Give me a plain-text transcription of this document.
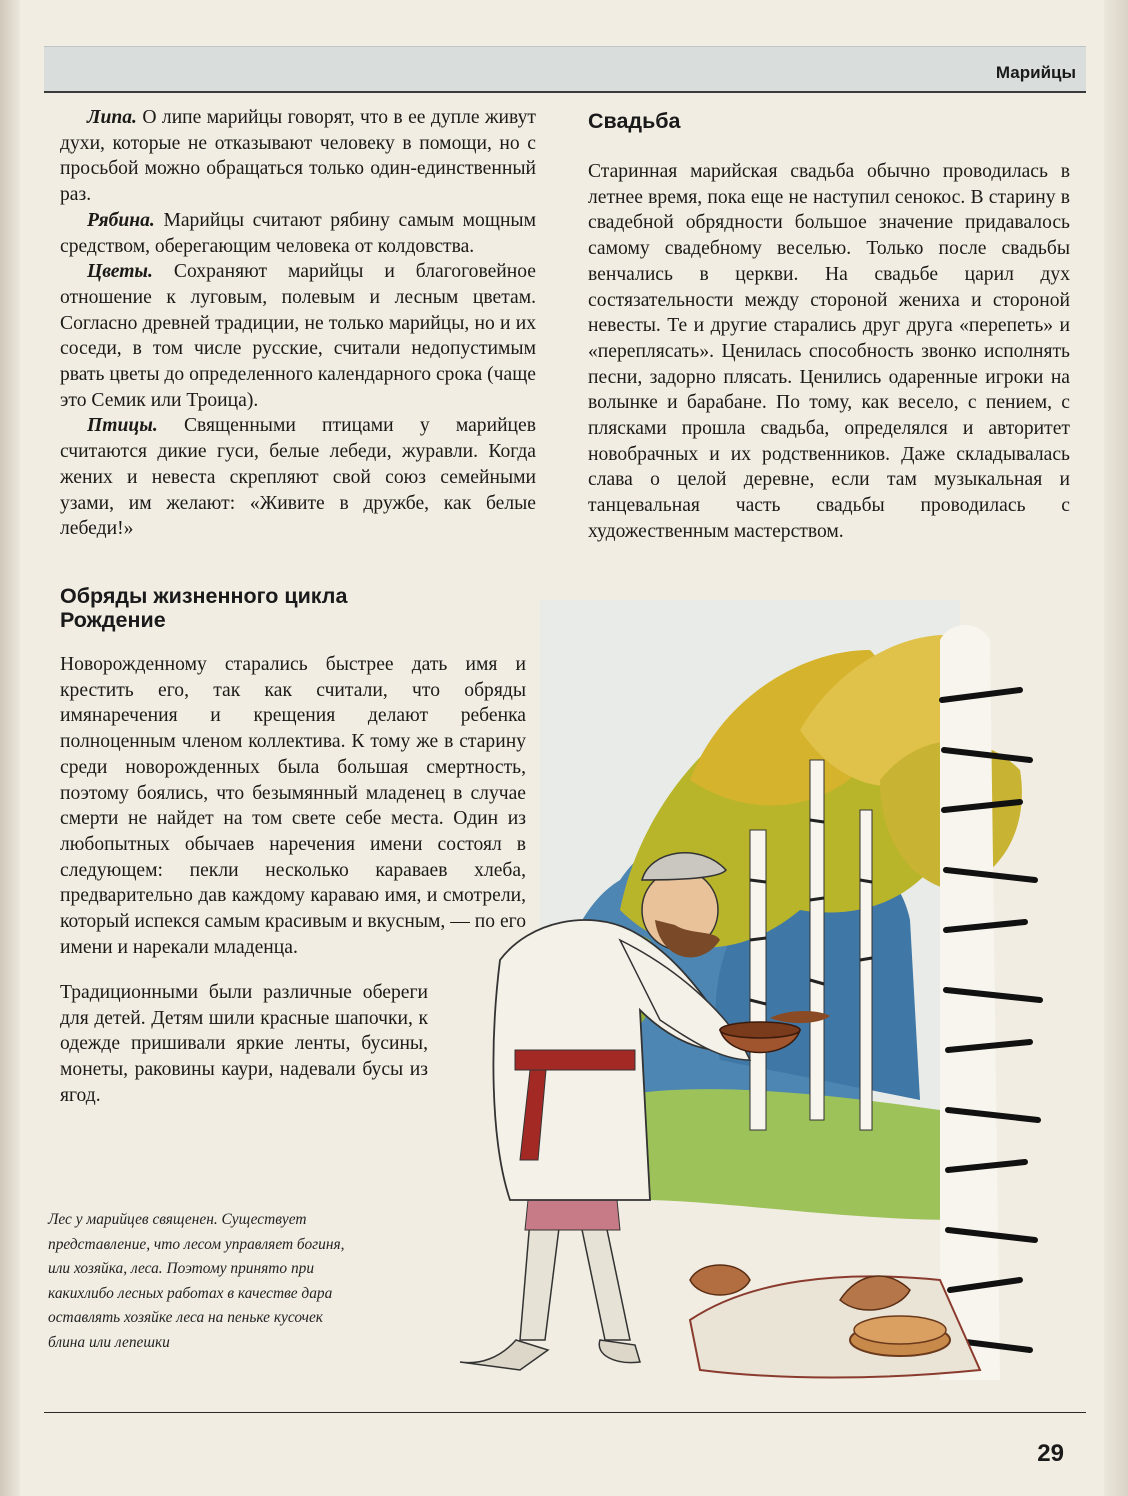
Марийцы

Липа. О липе марийцы говорят, что в ее дупле живут духи, которые не отказывают человеку в помощи, но с просьбой можно обращаться только один-единственный раз.

Рябина. Марийцы считают рябину самым мощным средством, оберегающим человека от колдовства.

Цветы. Сохраняют марийцы и благоговейное отношение к луговым, полевым и лесным цветам. Согласно древней традиции, не только марийцы, но и их соседи, в том числе русские, считали недопустимым рвать цветы до определенного календарного срока (чаще это Семик или Троица).

Птицы. Священными птицами у марийцев считаются дикие гуси, белые лебеди, журавли. Когда жених и невеста скрепляют свой союз семейными узами, им желают: «Живите в дружбе, как белые лебеди!»

Свадьба

Старинная марийская свадьба обычно проводилась в летнее время, пока еще не наступил сенокос. В старину в свадебной обрядности большое значение придавалось самому свадебному веселью. Только после свадьбы венчались в церкви. На свадьбе царил дух состязательности между стороной жениха и стороной невесты. Те и другие старались друг друга «перепеть» и «переплясать». Ценилась способность звонко исполнять песни, задорно плясать. Ценились одаренные игроки на волынке и барабане. По тому, как весело, с пением, с плясками прошла свадьба, определялся и авторитет новобрачных и их родственников. Даже складывалась слава о целой деревне, если там музыкальная и танцевальная часть свадьбы проводилась с художественным мастерством.

Обряды жизненного цикла
Рождение

Новорожденному старались быстрее дать имя и крестить его, так как считали, что обряды имянаречения и крещения делают ребенка полноценным членом коллектива. К тому же в старину среди новорожденных была большая смертность, поэтому боялись, что безымянный младенец в случае смерти не найдет на том свете себе места. Один из любопытных обычаев наречения имени состоял в следующем: пекли несколько караваев хлеба, предварительно дав каждому караваю имя, и смотрели, который испекся самым красивым и вкусным, — по его имени и нарекали младенца.

Традиционными были различные обереги для детей. Детям шили красные шапочки, к одежде пришивали яркие ленты, бусины, монеты, раковины каури, надевали бусы из ягод.

Лес у марийцев священен. Существует представление, что лесом управляет богиня, или хозяйка, леса. Поэтому принято при какихлибо лесных работах в качестве дара оставлять хозяйке леса на пеньке кусочек блина или лепешки
29
